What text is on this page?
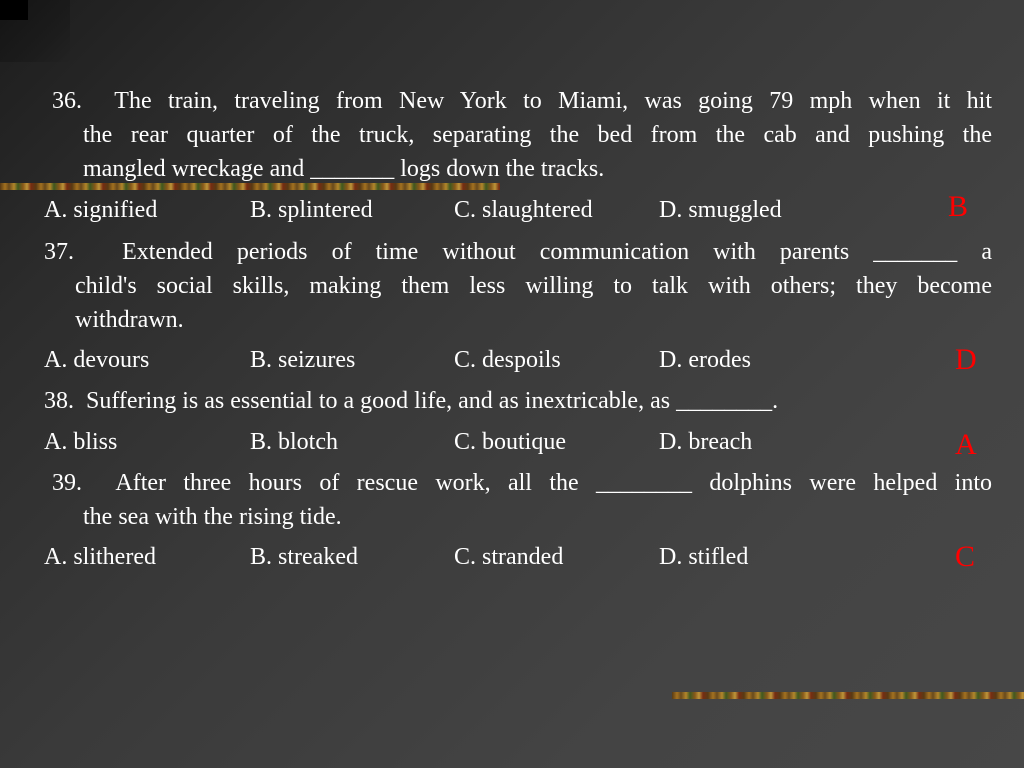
36.  The train, traveling from New York to Miami, was going 79 mph when it hit
the rear quarter of the truck, separating the bed from the cab and pushing the
mangled wreckage and _______ logs down the tracks.
A. signified	B. splintered	C. slaughtered	D. smuggled	B
37.  Extended periods of time without communication with parents _______ a
child's social skills, making them less willing to talk with others; they become
withdrawn.
A. devours	B. seizures	C. despoils	D. erodes	D
38.  Suffering is as essential to a good life, and as inextricable, as ________.
A. bliss	B. blotch	C. boutique	D. breach	A
39.  After three hours of rescue work, all the ________ dolphins were helped into
the sea with the rising tide.
A. slithered	B. streaked	C. stranded	D. stifled	C
